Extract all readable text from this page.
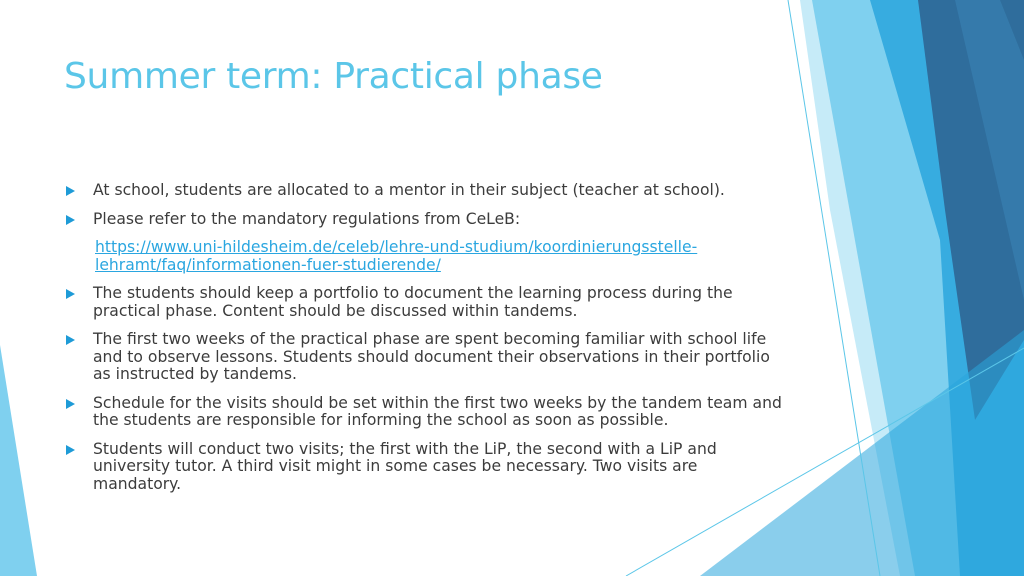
Summer term: Practical phase
At school, students are allocated to a mentor in their subject (teacher at school).
Please refer to the mandatory regulations from CeLeB:
https://www.uni-hildesheim.de/celeb/lehre-und-studium/koordinierungsstelle-lehramt/faq/informationen-fuer-studierende/
The students should keep a portfolio to document the learning process during the practical phase. Content should be discussed within tandems.
The first two weeks of the practical phase are spent becoming familiar with school life and to observe lessons. Students should document their observations in their portfolio as instructed by tandems.
Schedule for the visits should be set within the first two weeks by the tandem team and the students are responsible for informing the school as soon as possible.
Students will conduct two visits; the first with the LiP, the second with a LiP and university tutor. A third visit might in some cases be necessary. Two visits are mandatory.
